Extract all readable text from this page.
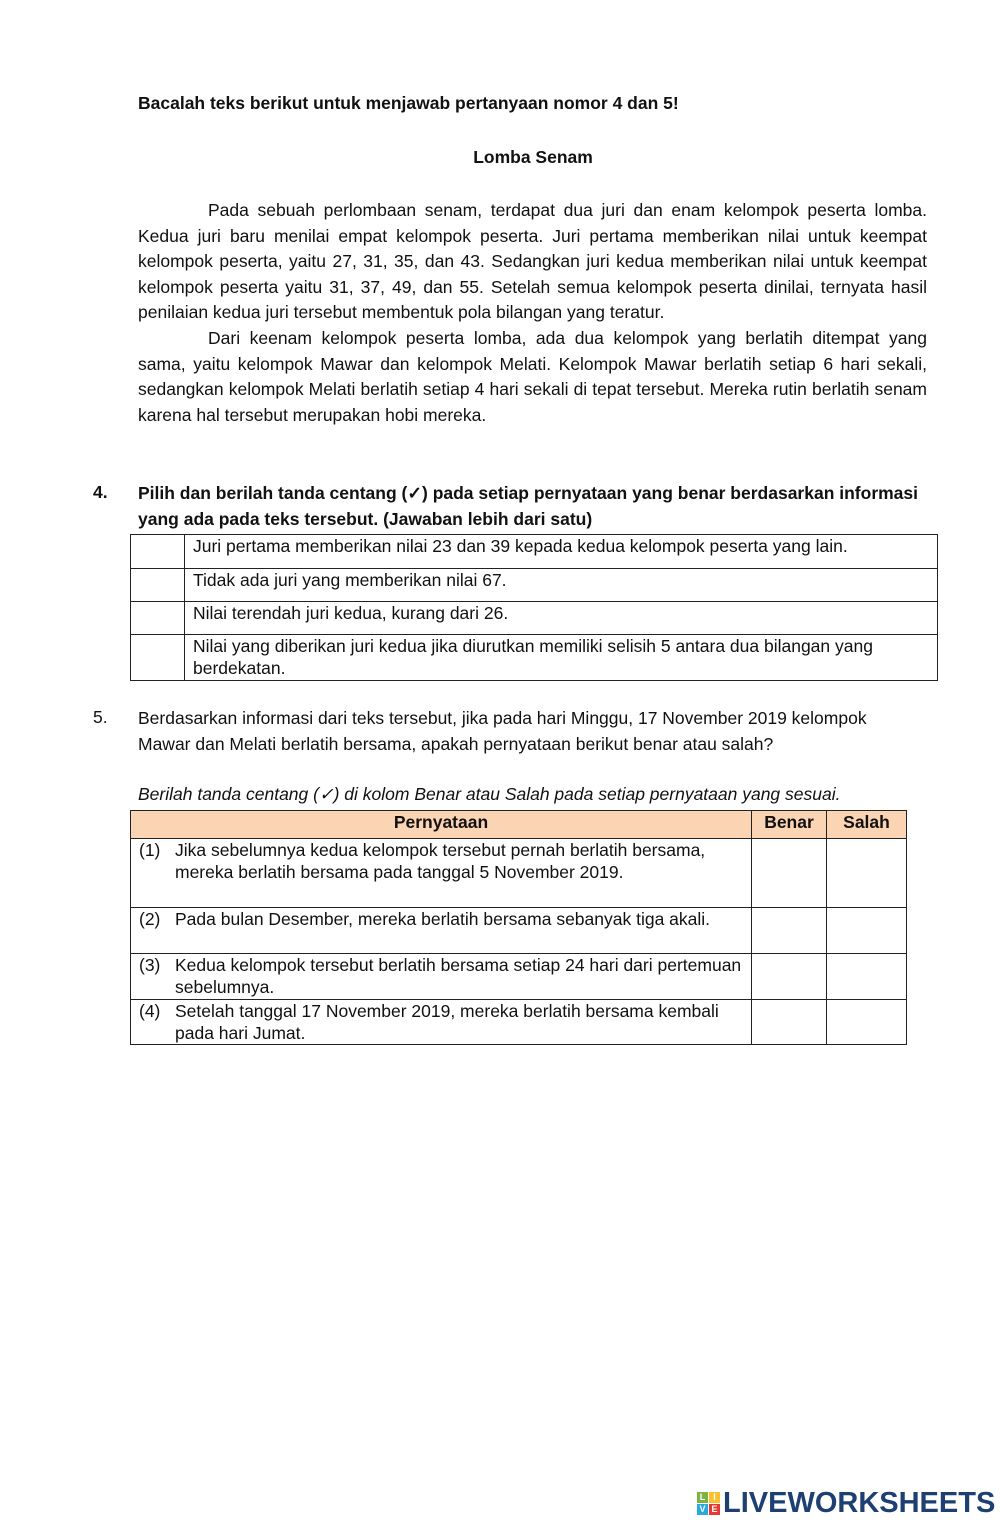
Bacalah teks berikut untuk menjawab pertanyaan nomor 4 dan 5!
Lomba Senam

Pada sebuah perlombaan senam, terdapat dua juri dan enam kelompok peserta lomba. Kedua juri baru menilai empat kelompok peserta. Juri pertama memberikan nilai untuk keempat kelompok peserta, yaitu 27, 31, 35, dan 43. Sedangkan juri kedua memberikan nilai untuk keempat kelompok peserta yaitu 31, 37, 49, dan 55. Setelah semua kelompok peserta dinilai, ternyata hasil penilaian kedua juri tersebut membentuk pola bilangan yang teratur.

Dari keenam kelompok peserta lomba, ada dua kelompok yang berlatih ditempat yang sama, yaitu kelompok Mawar dan kelompok Melati. Kelompok Mawar berlatih setiap 6 hari sekali, sedangkan kelompok Melati berlatih setiap 4 hari sekali di tepat tersebut. Mereka rutin berlatih senam karena hal tersebut merupakan hobi mereka.

4. Pilih dan berilah tanda centang (✓) pada setiap pernyataan yang benar berdasarkan informasi yang ada pada teks tersebut. (Jawaban lebih dari satu)
	Juri pertama memberikan nilai 23 dan 39 kepada kedua kelompok peserta yang lain.
	Tidak ada juri yang memberikan nilai 67.
	Nilai terendah juri kedua, kurang dari 26.
	Nilai yang diberikan juri kedua jika diurutkan memiliki selisih 5 antara dua bilangan yang berdekatan.
5. Berdasarkan informasi dari teks tersebut, jika pada hari Minggu, 17 November 2019 kelompok Mawar dan Melati berlatih bersama, apakah pernyataan berikut benar atau salah?
Berilah tanda centang (✓) di kolom Benar atau Salah pada setiap pernyataan yang sesuai.
Pernyataan	Benar	Salah

(1) Jika sebelumnya kedua kelompok tersebut pernah berlatih bersama, mereka berlatih bersama pada tanggal 5 November 2019.		

(2) Pada bulan Desember, mereka berlatih bersama sebanyak tiga akali.		

(3) Kedua kelompok tersebut berlatih bersama setiap 24 hari dari pertemuan sebelumnya.		

(4) Setelah tanggal 17 November 2019, mereka berlatih bersama kembali pada hari Jumat.		

L I
V E LIVEWORKSHEETS
